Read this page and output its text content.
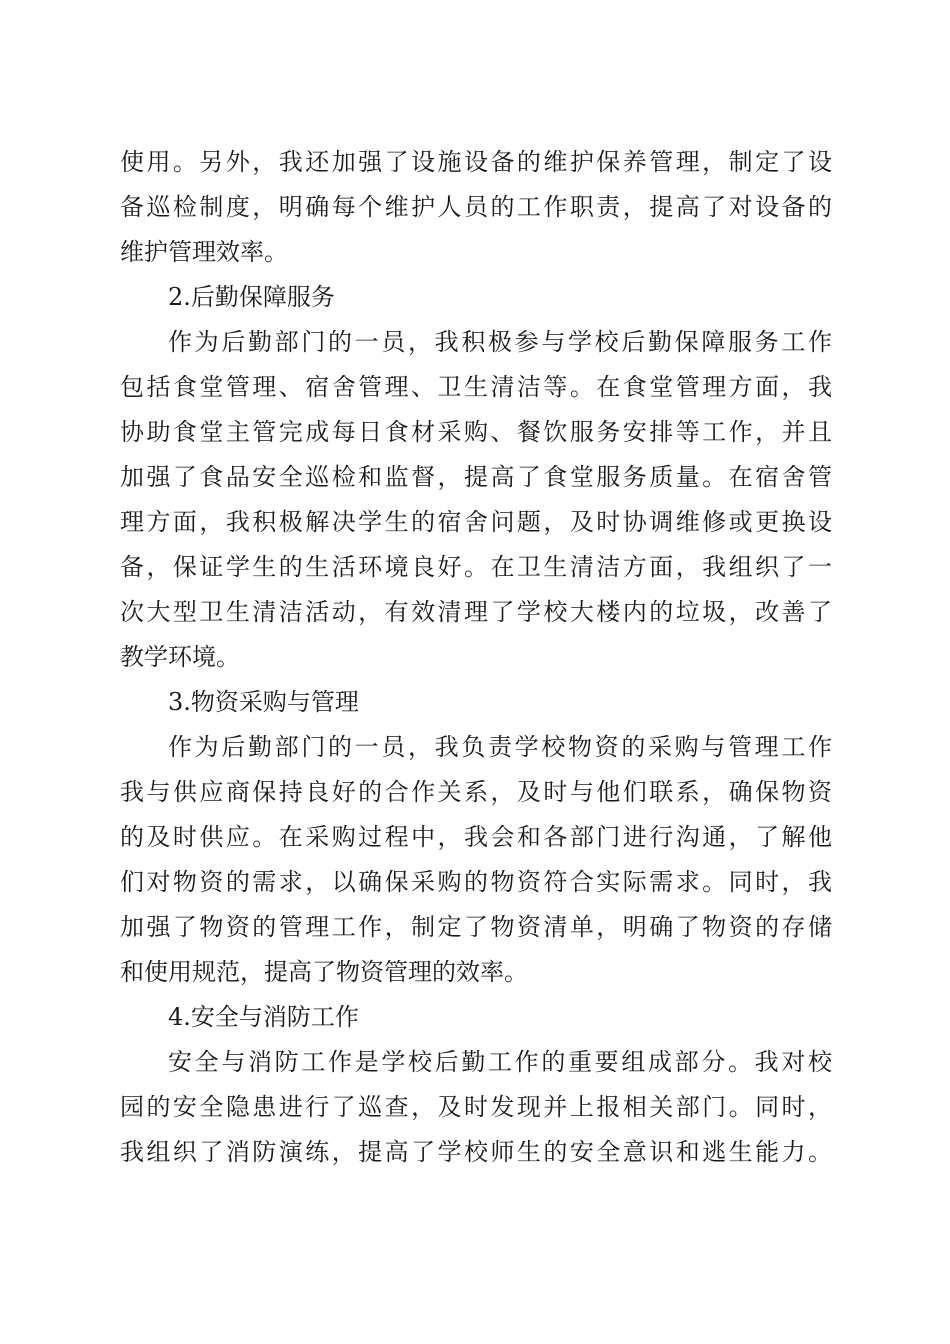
使用。另外，我还加强了设施设备的维护保养管理，制定了设
备巡检制度，明确每个维护人员的工作职责，提高了对设备的
维护管理效率。
2.后勤保障服务
作为后勤部门的一员，我积极参与学校后勤保障服务工作
包括食堂管理、宿舍管理、卫生清洁等。在食堂管理方面，我
协助食堂主管完成每日食材采购、餐饮服务安排等工作，并且
加强了食品安全巡检和监督，提高了食堂服务质量。在宿舍管
理方面，我积极解决学生的宿舍问题，及时协调维修或更换设
备，保证学生的生活环境良好。在卫生清洁方面，我组织了一
次大型卫生清洁活动，有效清理了学校大楼内的垃圾，改善了
教学环境。
3.物资采购与管理
作为后勤部门的一员，我负责学校物资的采购与管理工作
我与供应商保持良好的合作关系，及时与他们联系，确保物资
的及时供应。在采购过程中，我会和各部门进行沟通，了解他
们对物资的需求，以确保采购的物资符合实际需求。同时，我
加强了物资的管理工作，制定了物资清单，明确了物资的存储
和使用规范，提高了物资管理的效率。
4.安全与消防工作
安全与消防工作是学校后勤工作的重要组成部分。我对校
园的安全隐患进行了巡查，及时发现并上报相关部门。同时，
我组织了消防演练，提高了学校师生的安全意识和逃生能力。
